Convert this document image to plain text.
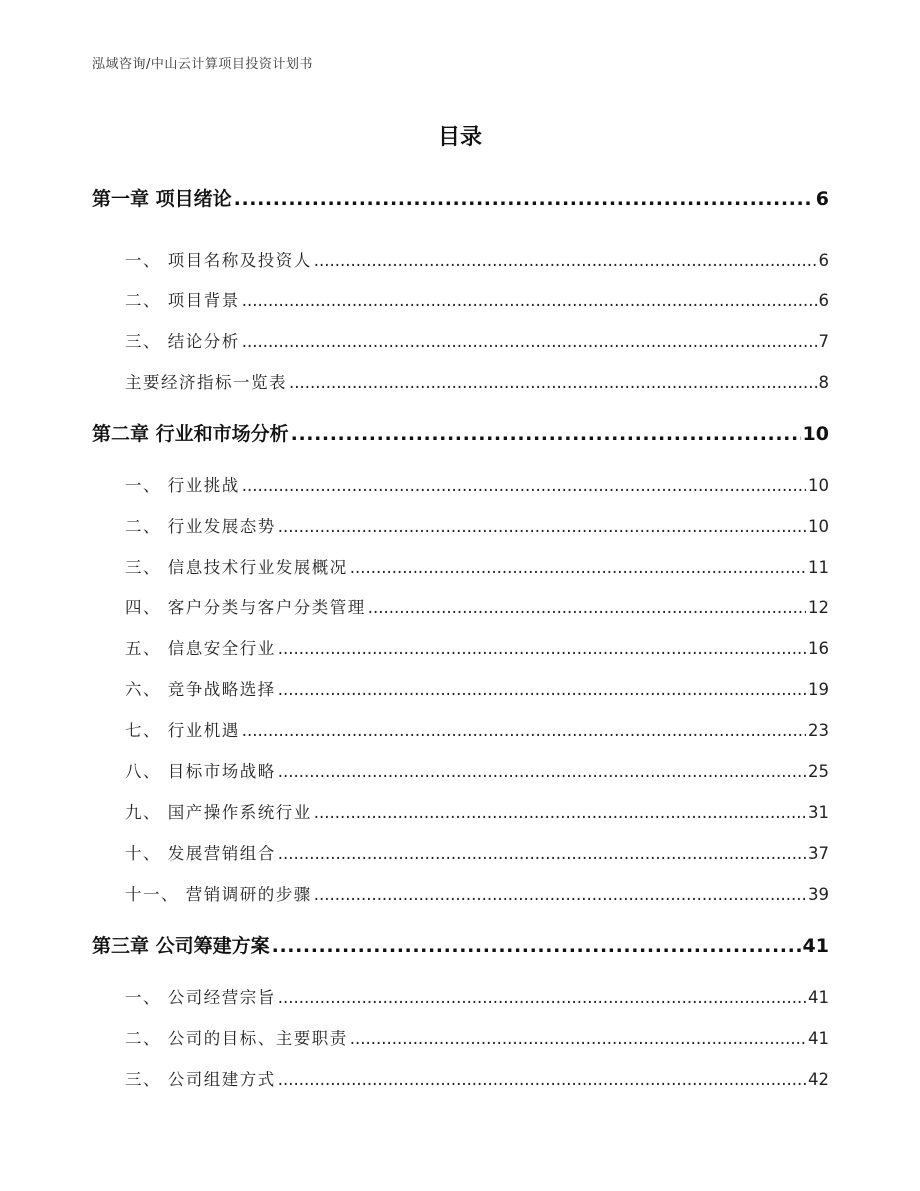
泓域咨询/中山云计算项目投资计划书
目录
第一章 项目绪论 .....	6
一、 项目名称及投资人 .....	6
二、 项目背景 .....	6
三、 结论分析 .....	7
主要经济指标一览表 .....	8
第二章 行业和市场分析 .....	10
一、 行业挑战 .....	10
二、 行业发展态势 .....	10
三、 信息技术行业发展概况 .....	11
四、 客户分类与客户分类管理 .....	12
五、 信息安全行业 .....	16
六、 竞争战略选择 .....	19
七、 行业机遇 .....	23
八、 目标市场战略 .....	25
九、 国产操作系统行业 .....	31
十、 发展营销组合 .....	37
十一、 营销调研的步骤 .....	39
第三章 公司筹建方案 .....	41
一、 公司经营宗旨 .....	41
二、 公司的目标、主要职责 .....	41
三、 公司组建方式 .....	42
